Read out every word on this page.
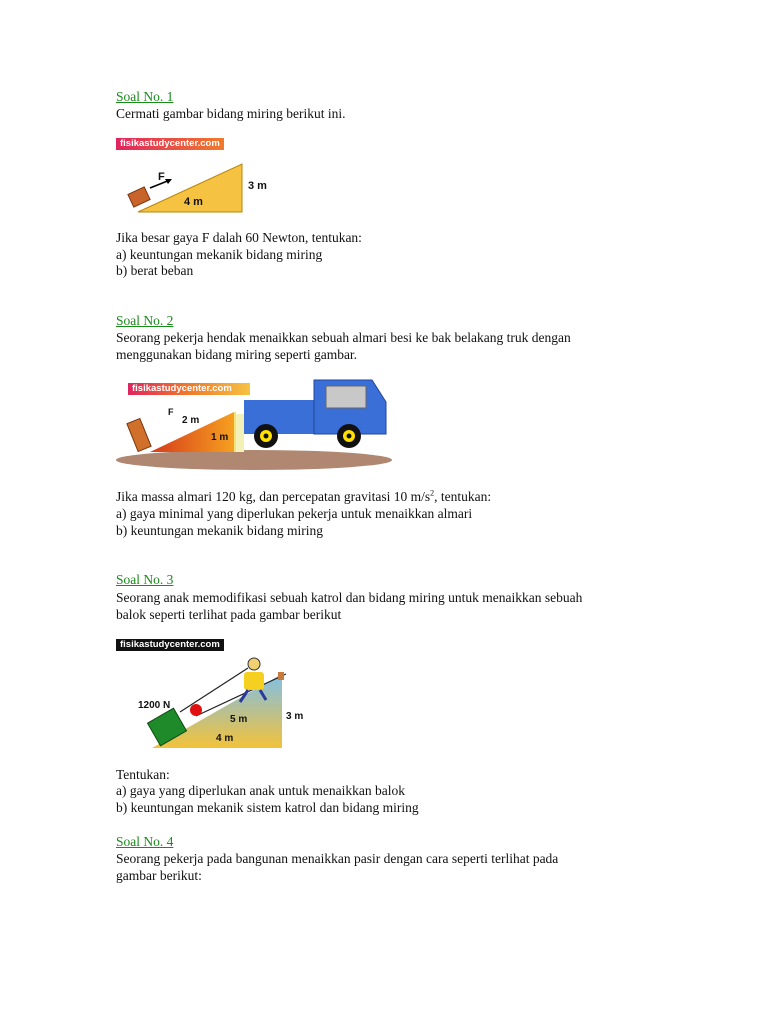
Soal No. 1
Cermati gambar bidang miring berikut ini.
fisikastudycenter.com
F
4 m
3 m
Jika besar gaya F dalah 60 Newton, tentukan:
a) keuntungan mekanik bidang miring
b) berat beban
Soal No. 2
Seorang pekerja hendak menaikkan sebuah almari besi ke bak belakang truk dengan
menggunakan bidang miring seperti gambar.
fisikastudycenter.com
F
2 m
1 m
Jika massa almari 120 kg, dan percepatan gravitasi 10 $m/s^2$, tentukan:
a) gaya minimal yang diperlukan pekerja untuk menaikkan almari
b) keuntungan mekanik bidang miring
Soal No. 3
Seorang anak memodifikasi sebuah katrol dan bidang miring untuk menaikkan sebuah
balok seperti terlihat pada gambar berikut
fisikastudycenter.com
1200 N
5 m
4 m
3 m
Tentukan:
a) gaya yang diperlukan anak untuk menaikkan balok
b) keuntungan mekanik sistem katrol dan bidang miring
Soal No. 4
Seorang pekerja pada bangunan menaikkan pasir dengan cara seperti terlihat pada
gambar berikut:
